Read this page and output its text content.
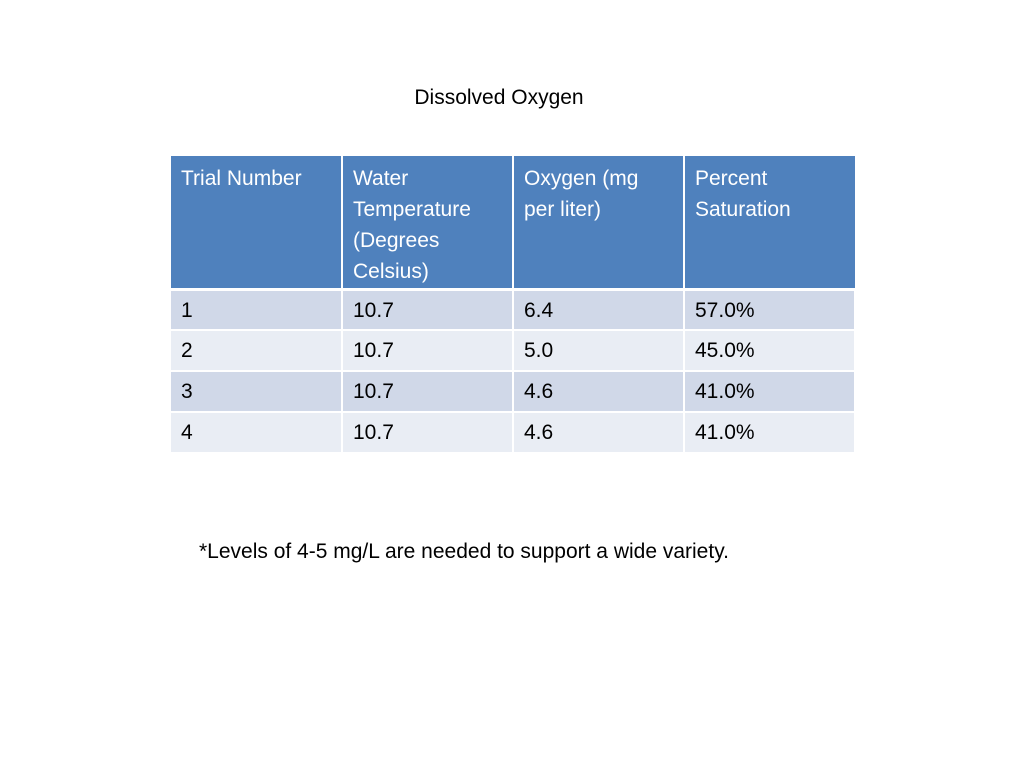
Dissolved Oxygen
Trial Number	Water Temperature (Degrees Celsius)	Oxygen (mg per liter)	Percent Saturation
1	10.7	6.4	57.0%
2	10.7	5.0	45.0%
3	10.7	4.6	41.0%
4	10.7	4.6	41.0%
*Levels of 4-5 mg/L are needed to support a wide variety.
